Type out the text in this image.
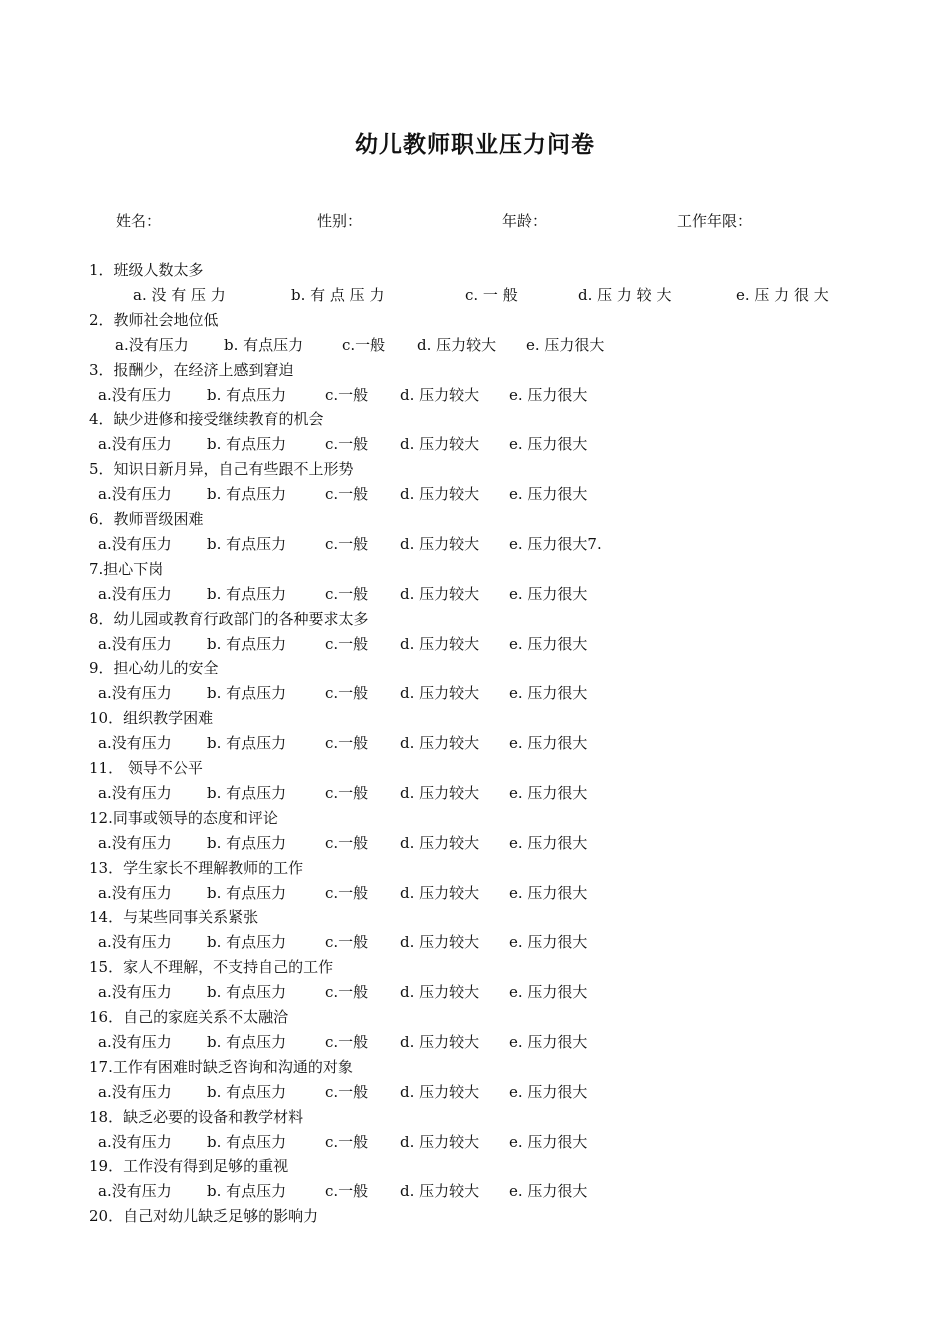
幼儿教师职业压力问卷
姓名：	性别：	年龄：	工作年限：
1．班级人数太多
a. 没 有 压 力	b. 有 点 压 力	c. 一 般	d. 压 力 较 大	e. 压 力 很 大
2．教师社会地位低
a.没有压力 b. 有点压力	c.一般 d. 压力较大 e. 压力很大
3．报酬少，在经济上感到窘迫
a.没有压力 b. 有点压力	c.一般 d. 压力较大 e. 压力很大
4．缺少进修和接受继续教育的机会
a.没有压力 b. 有点压力	c.一般 d. 压力较大 e. 压力很大
5．知识日新月异，自己有些跟不上形势
a.没有压力 b. 有点压力	c.一般 d. 压力较大 e. 压力很大
6．教师晋级困难
a.没有压力 b. 有点压力	c.一般 d. 压力较大 e. 压力很大7.
7.担心下岗
a.没有压力 b. 有点压力	c.一般 d. 压力较大 e. 压力很大
8．幼儿园或教育行政部门的各种要求太多
a.没有压力 b. 有点压力	c.一般 d. 压力较大 e. 压力很大
9．担心幼儿的安全
a.没有压力 b. 有点压力	c.一般 d. 压力较大 e. 压力很大
10．组织教学困难
a.没有压力 b. 有点压力	c.一般 d. 压力较大 e. 压力很大
11． 领导不公平
a.没有压力 b. 有点压力	c.一般 d. 压力较大 e. 压力很大
12.同事或领导的态度和评论
a.没有压力 b. 有点压力	c.一般 d. 压力较大 e. 压力很大
13．学生家长不理解教师的工作
a.没有压力 b. 有点压力	c.一般 d. 压力较大 e. 压力很大
14．与某些同事关系紧张
a.没有压力 b. 有点压力	c.一般 d. 压力较大 e. 压力很大
15．家人不理解，不支持自己的工作
a.没有压力 b. 有点压力	c.一般 d. 压力较大 e. 压力很大
16．自己的家庭关系不太融洽
a.没有压力 b. 有点压力	c.一般 d. 压力较大 e. 压力很大
17.工作有困难时缺乏咨询和沟通的对象
a.没有压力 b. 有点压力	c.一般 d. 压力较大 e. 压力很大
18．缺乏必要的设备和教学材料
a.没有压力 b. 有点压力	c.一般 d. 压力较大 e. 压力很大
19．工作没有得到足够的重视
a.没有压力 b. 有点压力	c.一般 d. 压力较大 e. 压力很大
20．自己对幼儿缺乏足够的影响力
